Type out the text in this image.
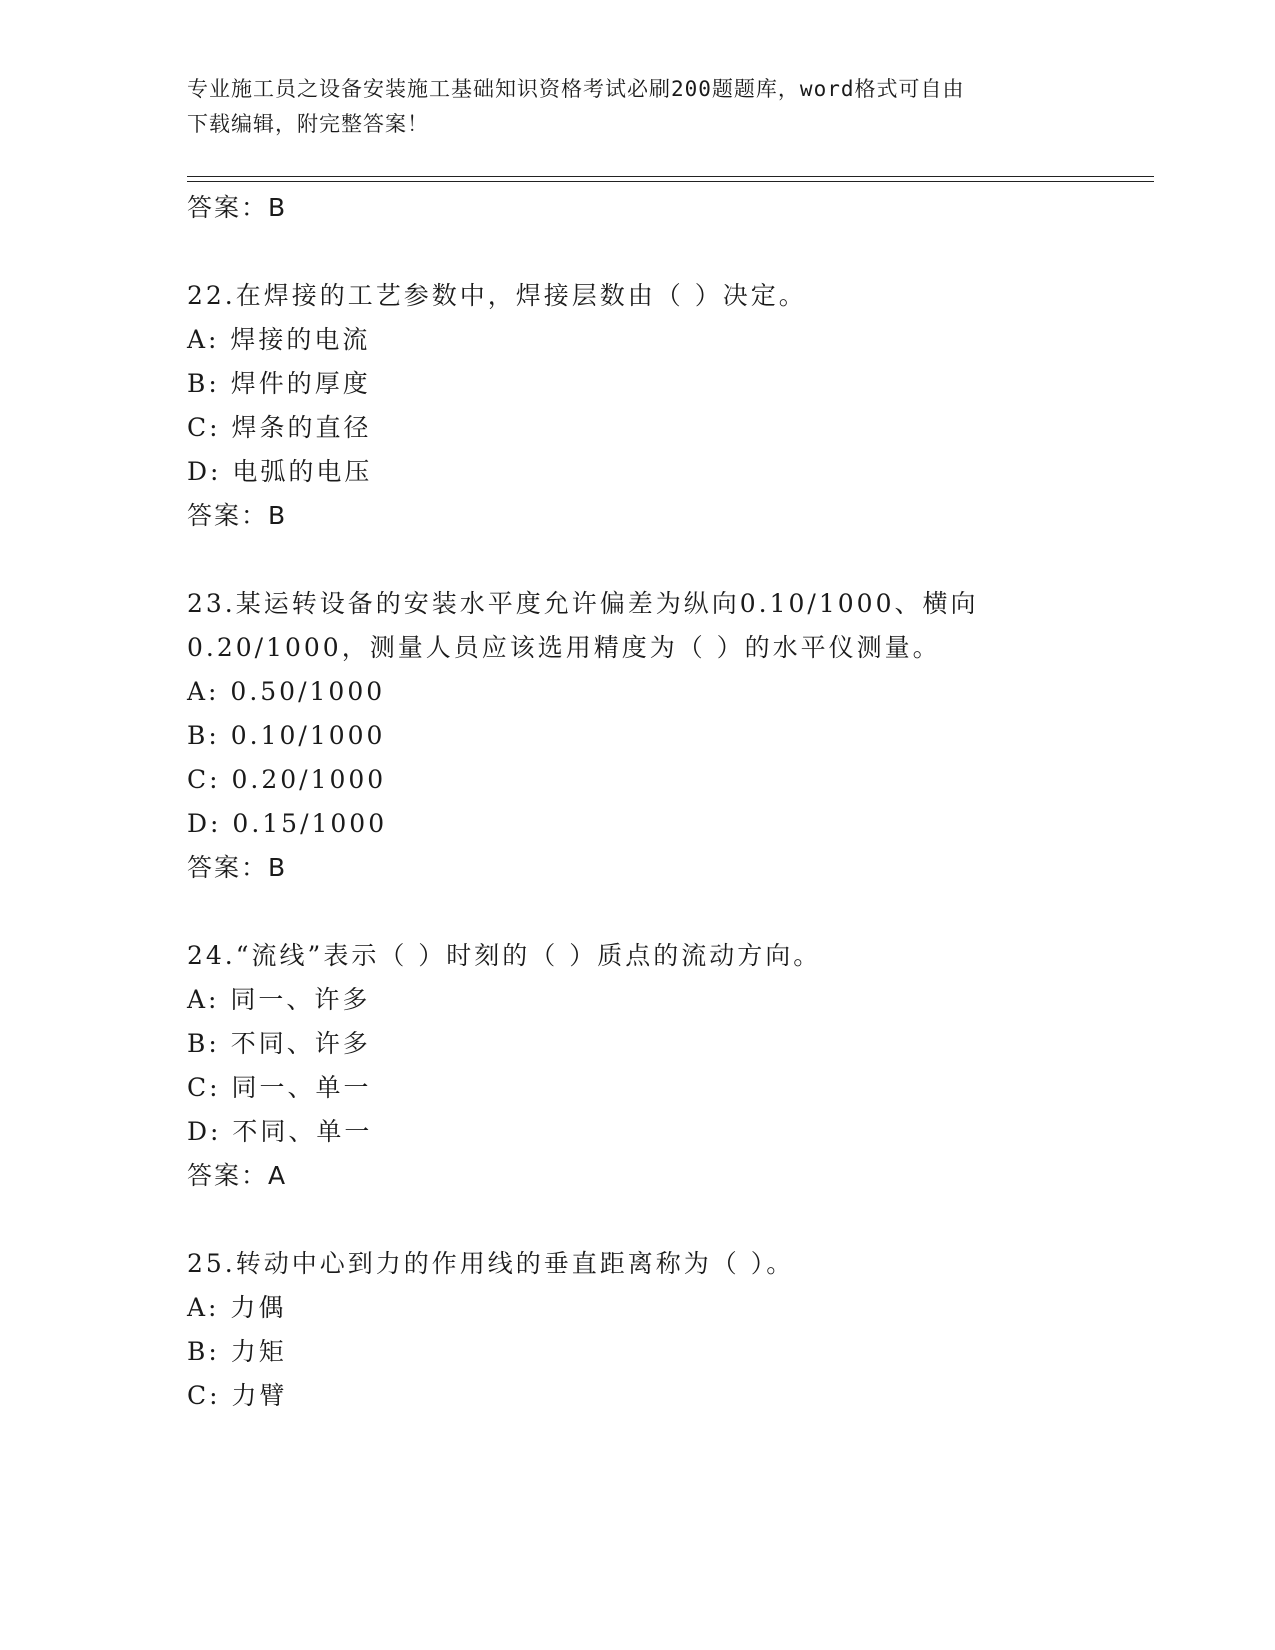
专业施工员之设备安装施工基础知识资格考试必刷200题题库，word格式可自由
下载编辑，附完整答案！
答案：B
22.在焊接的工艺参数中，焊接层数由（ ）决定。
A: 焊接的电流
B: 焊件的厚度
C: 焊条的直径
D: 电弧的电压
答案：B
23.某运转设备的安装水平度允许偏差为纵向0.10/1000、横向
0.20/1000，测量人员应该选用精度为（ ）的水平仪测量。
A: 0.50/1000
B: 0.10/1000
C: 0.20/1000
D: 0.15/1000
答案：B
24.“流线”表示（ ）时刻的（ ）质点的流动方向。
A: 同一、许多
B: 不同、许多
C: 同一、单一
D: 不同、单一
答案：A
25.转动中心到力的作用线的垂直距离称为（ ）。
A: 力偶
B: 力矩
C: 力臂
